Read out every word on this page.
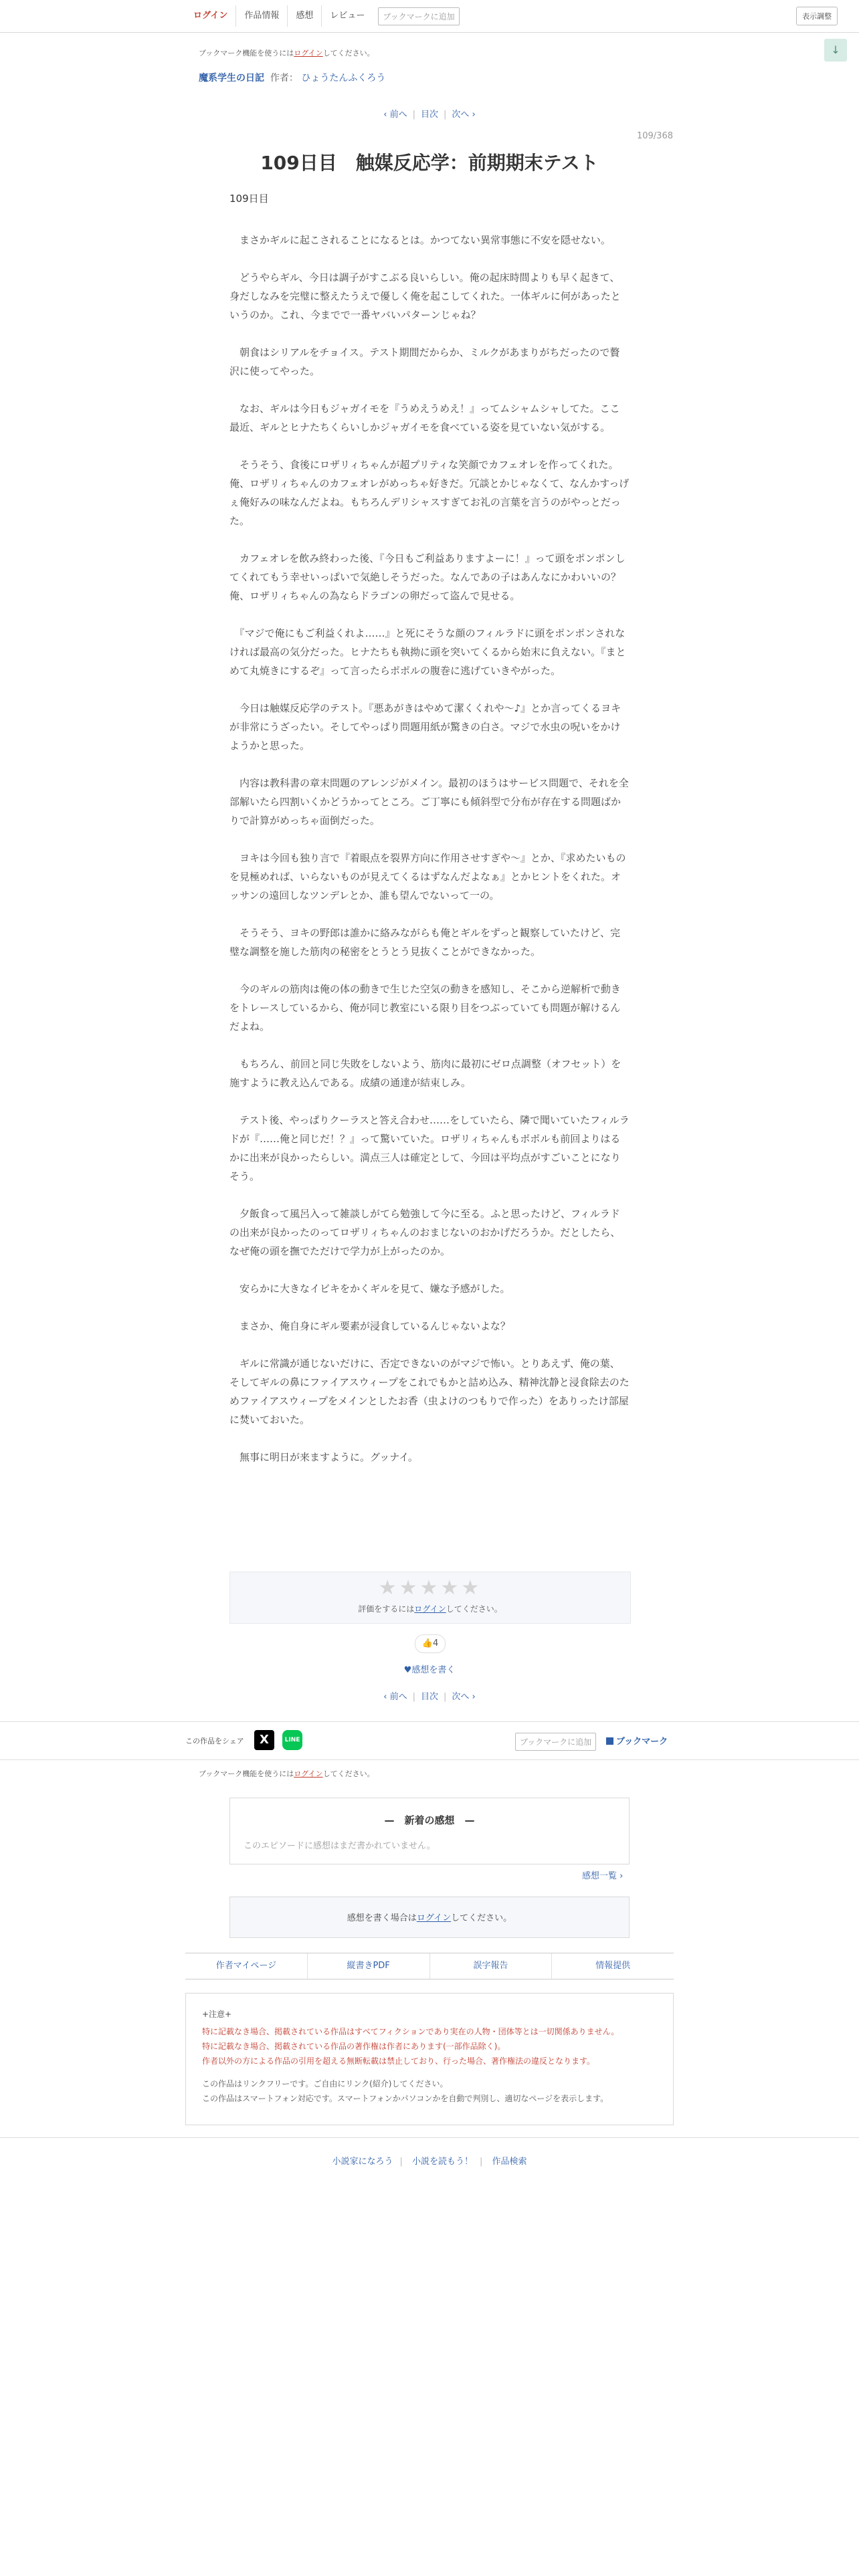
ログイン	作品情報	感想	レビュー	ブックマークに追加	表示調整
↓
ブックマーク機能を使うにはログインしてください。
魔系学生の日記 作者： ひょうたんふくろう
‹ 前へ | 目次 | 次へ ›
109/368
109日目　触媒反応学：前期期末テスト
109日目

　まさかギルに起こされることになるとは。かつてない異常事態に不安を隠せない。

　どうやらギル、今日は調子がすこぶる良いらしい。俺の起床時間よりも早く起きて、身だしなみを完璧に整えたうえで優しく俺を起こしてくれた。一体ギルに何があったというのか。これ、今までで一番ヤバいパターンじゃね？

　朝食はシリアルをチョイス。テスト期間だからか、ミルクがあまりがちだったので贅沢に使ってやった。

　なお、ギルは今日もジャガイモを『うめえうめえ！』ってムシャムシャしてた。ここ最近、ギルとヒナたちくらいしかジャガイモを食べている姿を見ていない気がする。

　そうそう、食後にロザリィちゃんが超プリティな笑顔でカフェオレを作ってくれた。俺、ロザリィちゃんのカフェオレがめっちゃ好きだ。冗談とかじゃなくて、なんかすっげぇ俺好みの味なんだよね。もちろんデリシャスすぎてお礼の言葉を言うのがやっとだった。

　カフェオレを飲み終わった後、『今日もご利益ありますよーに！』って頭をポンポンしてくれてもう幸せいっぱいで気絶しそうだった。なんであの子はあんなにかわいいの？　俺、ロザリィちゃんの為ならドラゴンの卵だって盗んで見せる。

　『マジで俺にもご利益くれよ……』と死にそうな顔のフィルラドに頭をポンポンされなければ最高の気分だった。ヒナたちも執拗に頭を突いてくるから始末に負えない。『まとめて丸焼きにするぞ』って言ったらポポルの腹巻に逃げていきやがった。

　今日は触媒反応学のテスト。『悪あがきはやめて潔くくれや〜♪』とか言ってくるヨキが非常にうざったい。そしてやっぱり問題用紙が驚きの白さ。マジで水虫の呪いをかけようかと思った。

　内容は教科書の章末問題のアレンジがメイン。最初のほうはサービス問題で、それを全部解いたら四割いくかどうかってところ。ご丁寧にも傾斜型で分布が存在する問題ばかりで計算がめっちゃ面倒だった。

　ヨキは今回も独り言で『着眼点を裂界方向に作用させすぎや〜』とか、『求めたいものを見極めれば、いらないものが見えてくるはずなんだよなぁ』とかヒントをくれた。オッサンの遠回しなツンデレとか、誰も望んでないって一の。

　そうそう、ヨキの野郎は誰かに絡みながらも俺とギルをずっと観察していたけど、完璧な調整を施した筋肉の秘密をとうとう見抜くことができなかった。

　今のギルの筋肉は俺の体の動きで生じた空気の動きを感知し、そこから逆解析で動きをトレースしているから、俺が同じ教室にいる限り目をつぶっていても問題が解けるんだよね。

　もちろん、前回と同じ失敗をしないよう、筋肉に最初にゼロ点調整（オフセット）を施すように教え込んである。成績の通達が結束しみ。

　テスト後、やっぱりクーラスと答え合わせ……をしていたら、隣で聞いていたフィルラドが『……俺と同じだ！？』って驚いていた。ロザリィちゃんもポポルも前回よりはるかに出来が良かったらしい。満点三人は確定として、今回は平均点がすごいことになりそう。

　夕飯食って風呂入って雑談しがてら勉強して今に至る。ふと思ったけど、フィルラドの出来が良かったのってロザリィちゃんのおまじないのおかげだろうか。だとしたら、なぜ俺の頭を撫でただけで学力が上がったのか。

　安らかに大きなイビキをかくギルを見て、嫌な予感がした。

　まさか、俺自身にギル要素が浸食しているんじゃないよな？

　ギルに常識が通じないだけに、否定できないのがマジで怖い。とりあえず、俺の葉、そしてギルの鼻にファイアスウィープをこれでもかと詰め込み、精神沈静と浸食除去のためファイアスウィープをメインとしたお香（虫よけのつもりで作った）をありったけ部屋に焚いておいた。

　無事に明日が来ますように。グッナイ。

★★★★★
評価をするにはログインしてください。
👍4
♥感想を書く
‹ 前へ | 目次 | 次へ ›
この作品をシェア	X	LINE	ブックマークに追加	ブックマーク
ブックマーク機能を使うにはログインしてください。
—　新着の感想　—
このエピソードに感想はまだ書かれていません。
感想一覧 ›
感想を書く場合はログインしてください。
作者マイページ	縦書きPDF	誤字報告	情報提供
+注意+
特に記載なき場合、掲載されている作品はすべてフィクションであり実在の人物・団体等とは一切関係ありません。
特に記載なき場合、掲載されている作品の著作権は作者にあります(一部作品除く)。
作者以外の方による作品の引用を超える無断転載は禁止しており、行った場合、著作権法の違反となります。
この作品はリンクフリーです。ご自由にリンク(紹介)してください。
この作品はスマートフォン対応です。スマートフォンかパソコンかを自動で判別し、適切なページを表示します。
小説家になろう | 小説を読もう！ | 作品検索
